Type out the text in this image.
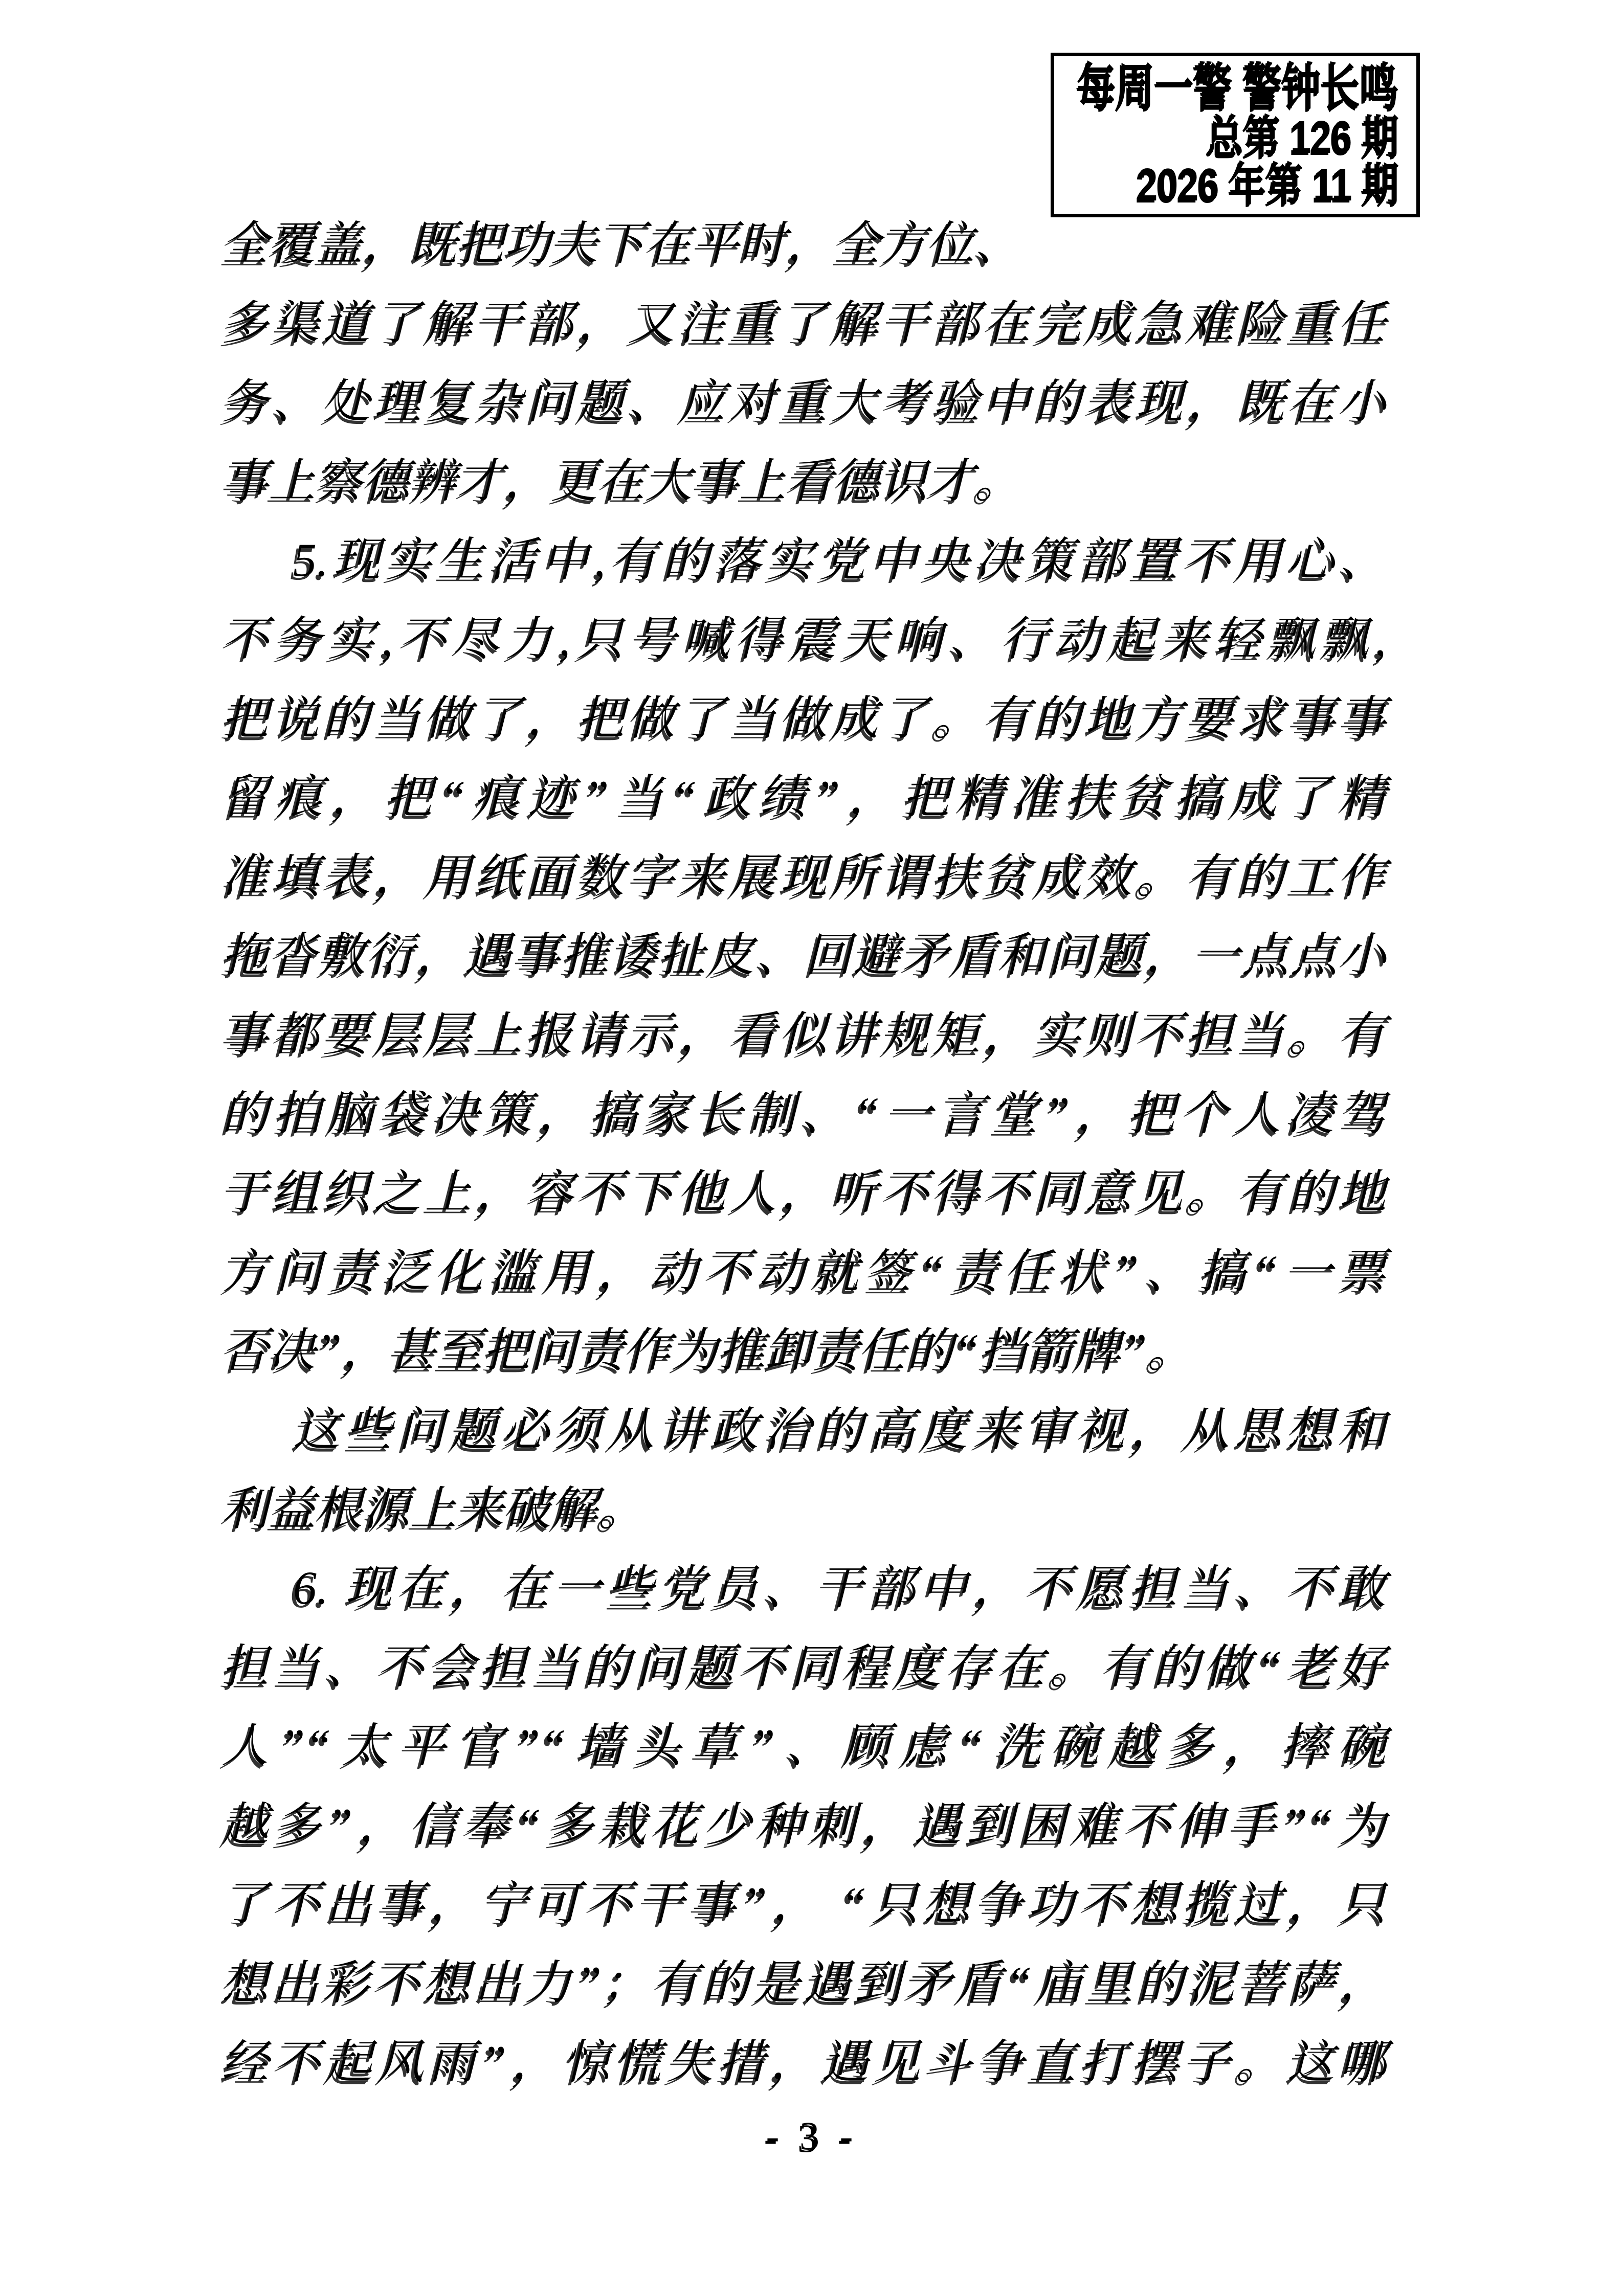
每周一警 警钟长鸣
总第 126 期
2026 年第 11 期
全覆盖，既把功夫下在平时，全方位、
多渠道了解干部，又注重了解干部在完成急难险重任
务、处理复杂问题、应对重大考验中的表现，既在小
事上察德辨才，更在大事上看德识才。
5.现实生活中,有的落实党中央决策部置不用心、
不务实,不尽力,只号喊得震天响、行动起来轻飘飘,
把说的当做了，把做了当做成了。有的地方要求事事
留痕，把“痕迹”当“政绩”，把精准扶贫搞成了精
准填表，用纸面数字来展现所谓扶贫成效。有的工作
拖沓敷衍，遇事推诿扯皮、回避矛盾和问题，一点点小
事都要层层上报请示，看似讲规矩，实则不担当。有
的拍脑袋决策，搞家长制、“一言堂”，把个人凌驾
于组织之上，容不下他人，听不得不同意见。有的地
方问责泛化滥用，动不动就签“责任状”、搞“一票
否决”，甚至把问责作为推卸责任的“挡箭牌”。
这些问题必须从讲政治的高度来审视，从思想和
利益根源上来破解。
6. 现在，在一些党员、干部中，不愿担当、不敢
担当、不会担当的问题不同程度存在。有的做“老好
人”“太平官”“墙头草”、顾虑“洗碗越多，摔碗
越多”，信奉“多栽花少种刺，遇到困难不伸手”“为
了不出事，宁可不干事”， “只想争功不想揽过，只
想出彩不想出力”；有的是遇到矛盾“庙里的泥菩萨，
经不起风雨”，惊慌失措，遇见斗争直打摆子。这哪
- 3 -
